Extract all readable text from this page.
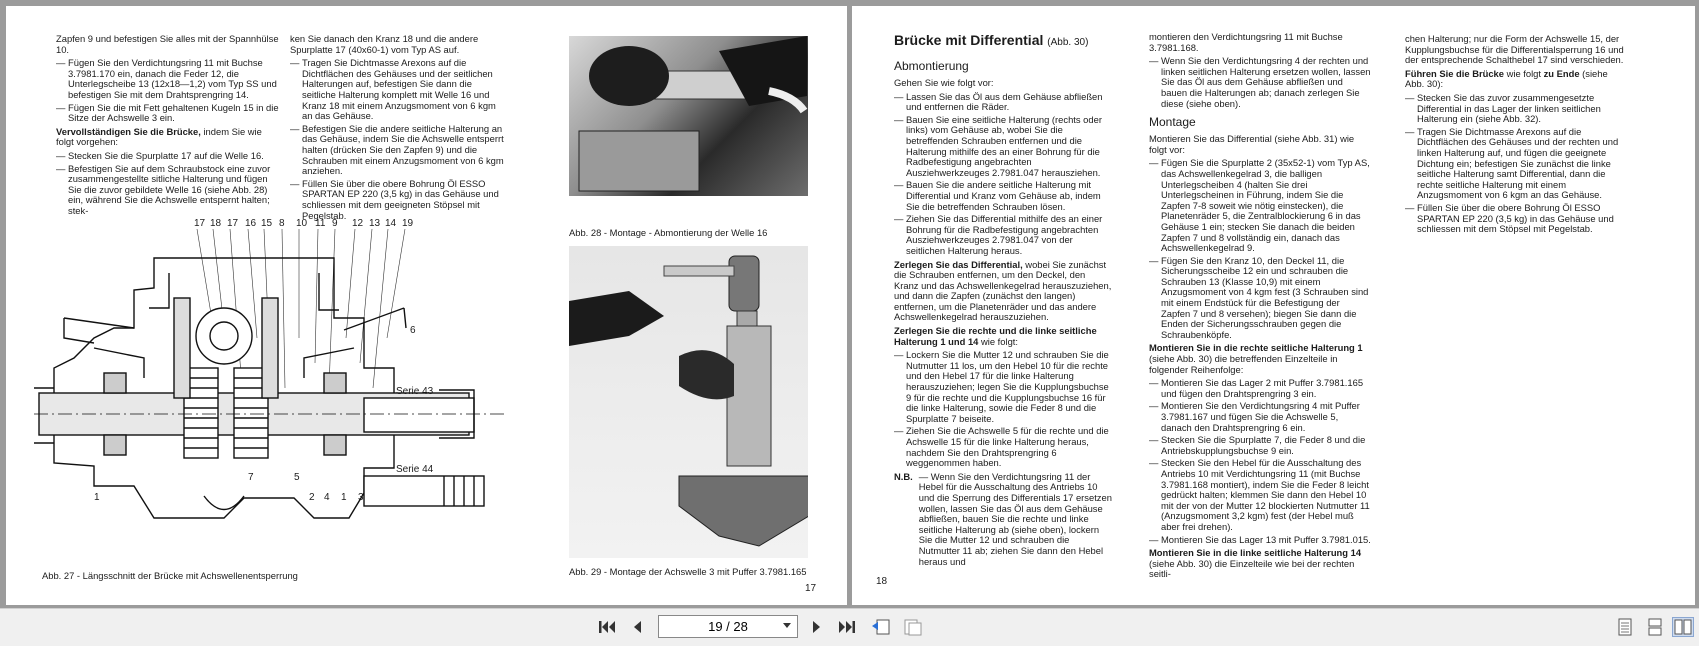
Zapfen 9 und befestigen Sie alles mit der Spannhülse 10.

— Fügen Sie den Verdichtungsring 11 mit Buchse 3.7981.170 ein, danach die Feder 12, die Unterlegscheibe 13 (12x18—1,2) vom Typ SS und befestigen Sie mit dem Drahtsprengring 14.
— Fügen Sie die mit Fett gehaltenen Kugeln 15 in die Sitze der Achswelle 3 ein.

Vervollständigen Sie die Brücke, indem Sie wie folgt vorgehen:

— Stecken Sie die Spurplatte 17 auf die Welle 16.
— Befestigen Sie auf dem Schraubstock eine zuvor zusammengestellte sitliche Halterung und fügen Sie die zuvor gebildete Welle 16 (siehe Abb. 28) ein, während Sie die Achswelle entspernt halten; stek-

ken Sie danach den Kranz 18 und die andere Spurplatte 17 (40x60-1) vom Typ AS auf.

— Tragen Sie Dichtmasse Arexons auf die Dichtflächen des Gehäuses und der seitlichen Halterungen auf, befestigen Sie dann die seitliche Halterung komplett mit Welle 16 und Kranz 18 mit einem Anzugsmoment von 6 kgm an das Gehäuse.
— Befestigen Sie die andere seitliche Halterung an das Gehäuse, indem Sie die Achswelle entsperrt halten (drücken Sie den Zapfen 9) und die Schrauben mit einem Anzugsmoment von 6 kgm anziehen.
— Füllen Sie über die obere Bohrung Öl ESSO SPARTAN EP 220 (3,5 kg) in das Gehäuse und schliessen mit dem geeigneten Stöpsel mit Pegelstab.
17 18 17 16 15 8 10 11 9 12 13 14 19
6
Serie 43
Serie 44
1
7	5
2 4 1 3
Abb. 28 - Montage - Abmontierung der Welle 16
Abb. 29 - Montage der Achswelle 3 mit Puffer 3.7981.165
Abb. 27 - Längsschnitt der Brücke mit Achswellenentsperrung
17
Brücke mit Differential (Abb. 30)
Abmontierung

Gehen Sie wie folgt vor:

— Lassen Sie das Öl aus dem Gehäuse abfließen und entfernen die Räder.
— Bauen Sie eine seitliche Halterung (rechts oder links) vom Gehäuse ab, wobei Sie die betreffenden Schrauben entfernen und die Halterung mithilfe des an einer Bohrung für die Radbefestigung angebrachten Ausziehwerkzeuges 2.7981.047 herausziehen.
— Bauen Sie die andere seitliche Halterung mit Differential und Kranz vom Gehäuse ab, indem Sie die betreffenden Schrauben lösen.
— Ziehen Sie das Differential mithilfe des an einer Bohrung für die Radbefestigung angebrachten Ausziehwerkzeuges 2.7981.047 von der seitlichen Halterung heraus.

Zerlegen Sie das Differential, wobei Sie zunächst die Schrauben entfernen, um den Deckel, den Kranz und das Achswellenkegelrad herauszuziehen, und dann die Zapfen (zunächst den langen) entfernen, um die Planetenräder und das andere Achswellenkegelrad herauszuziehen.

Zerlegen Sie die rechte und die linke seitliche Halterung 1 und 14 wie folgt:

— Lockern Sie die Mutter 12 und schrauben Sie die Nutmutter 11 los, um den Hebel 10 für die rechte und den Hebel 17 für die linke Halterung herauszuziehen; legen Sie die Kupplungsbuchse 9 für die rechte und die Kupplungsbuchse 16 für die linke Halterung, sowie die Feder 8 und die Spurplatte 7 beiseite.
— Ziehen Sie die Achswelle 5 für die rechte und die Achswelle 15 für die linke Halterung heraus, nachdem Sie den Drahtsprengring 6 weggenommen haben.
N.B. — Wenn Sie den Verdichtungsring 11 der Hebel für die Ausschaltung des Antriebs 10 und die Sperrung des Differentials 17 ersetzen wollen, lassen Sie das Öl aus dem Gehäuse abfließen, bauen Sie die rechte und linke seitliche Halterung ab (siehe oben), lockern Sie die Mutter 12 und schrauben die Nutmutter 11 ab; ziehen Sie dann den Hebel heraus und

montieren den Verdichtungsring 11 mit Buchse 3.7981.168.

— Wenn Sie den Verdichtungsring 4 der rechten und linken seitlichen Halterung ersetzen wollen, lassen Sie das Öl aus dem Gehäuse abfließen und bauen die Halterungen ab; danach zerlegen Sie diese (siehe oben).
Montage

Montieren Sie das Differential (siehe Abb. 31) wie folgt vor:

— Fügen Sie die Spurplatte 2 (35x52-1) vom Typ AS, das Achswellenkegelrad 3, die balligen Unterlegscheiben 4 (halten Sie drei Unterlegscheinen in Führung, indem Sie die Zapfen 7-8 soweit wie nötig einstecken), die Planetenräder 5, die Zentralblockierung 6 in das Gehäuse 1 ein; stecken Sie danach die beiden Zapfen 7 und 8 vollständig ein, danach das Achswellenkegelrad 9.
— Fügen Sie den Kranz 10, den Deckel 11, die Sicherungsscheibe 12 ein und schrauben die Schrauben 13 (Klasse 10,9) mit einem Anzugsmoment von 4 kgm fest (3 Schrauben sind mit einem Endstück für die Befestigung der Zapfen 7 und 8 versehen); biegen Sie dann die Enden der Sicherungsschrauben gegen die Schraubenköpfe.

Montieren Sie in die rechte seitliche Halterung 1 (siehe Abb. 30) die betreffenden Einzelteile in folgender Reihenfolge:

— Montieren Sie das Lager 2 mit Puffer 3.7981.165 und fügen den Drahtsprengring 3 ein.
— Montieren Sie den Verdichtungsring 4 mit Puffer 3.7981.167 und fügen Sie die Achswelle 5, danach den Drahtsprengring 6 ein.
— Stecken Sie die Spurplatte 7, die Feder 8 und die Antriebskupplungsbuchse 9 ein.
— Stecken Sie den Hebel für die Ausschaltung des Antriebs 10 mit Verdichtungsring 11 (mit Buchse 3.7981.168 montiert), indem Sie die Feder 8 leicht gedrückt halten; klemmen Sie dann den Hebel 10 mit der von der Mutter 12 blockierten Nutmutter 11 (Anzugsmoment 3,2 kgm) fest (der Hebel muß aber frei drehen).
— Montieren Sie das Lager 13 mit Puffer 3.7981.015.

Montieren Sie in die linke seitliche Halterung 14 (siehe Abb. 30) die Einzelteile wie bei der rechten seitli-

chen Halterung; nur die Form der Achswelle 15, der Kupplungsbuchse für die Differentialsperrung 16 und der entsprechende Schalthebel 17 sind verschieden.

Führen Sie die Brücke wie folgt zu Ende (siehe Abb. 30):

— Stecken Sie das zuvor zusammengesetzte Differential in das Lager der linken seitlichen Halterung ein (siehe Abb. 32).
— Tragen Sie Dichtmasse Arexons auf die Dichtflächen des Gehäuses und der rechten und linken Halterung auf, und fügen die geeignete Dichtung ein; befestigen Sie zunächst die linke seitliche Halterung samt Differential, dann die rechte seitliche Halterung mit einem Anzugsmoment von 6 kgm an das Gehäuse.
— Füllen Sie über die obere Bohrung Öl ESSO SPARTAN EP 220 (3,5 kg) in das Gehäuse und schliessen mit dem Stöpsel mit Pegelstab.
18
19 / 28
